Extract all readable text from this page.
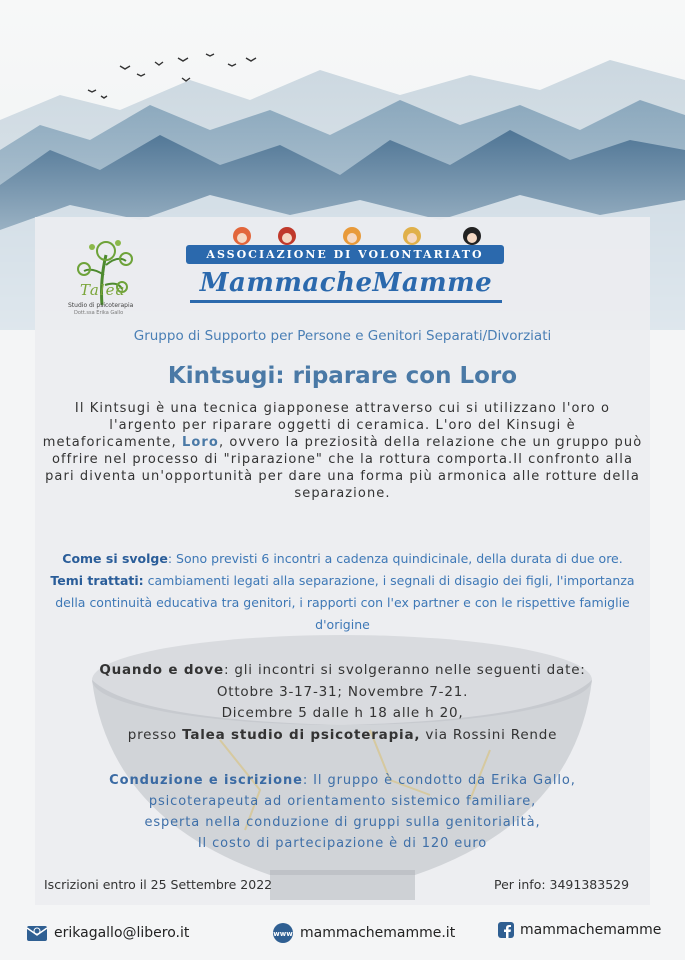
Talea
Studio di psicoterapia
Dott.ssa Erika Gallo
ASSOCIAZIONE DI VOLONTARIATO
MammacheMamme
Gruppo di Supporto per Persone e Genitori Separati/Divorziati
Kintsugi: riparare con Loro
Il Kintsugi è una tecnica giapponese attraverso cui si utilizzano l'oro o l'argento per riparare oggetti di ceramica. L'oro del Kinsugi è metaforicamente, Loro, ovvero la preziosità della relazione che un gruppo può offrire nel processo di "riparazione" che la rottura comporta.Il confronto alla pari diventa un'opportunità per dare una forma più armonica alle rotture della separazione.
Come si svolge: Sono previsti 6 incontri a cadenza quindicinale, della durata di due ore.
Temi trattati: cambiamenti legati alla separazione, i segnali di disagio dei figli, l'importanza della continuità educativa tra genitori, i rapporti con l'ex partner e con le rispettive famiglie d'origine
Quando e dove: gli incontri si svolgeranno nelle seguenti date:
Ottobre 3-17-31; Novembre 7-21.
Dicembre 5 dalle h 18 alle h 20,
presso Talea studio di psicoterapia, via Rossini Rende
Conduzione e iscrizione: Il gruppo è condotto da Erika Gallo,
psicoterapeuta ad orientamento sistemico familiare,
esperta nella conduzione di gruppi sulla genitorialità,
Il costo di partecipazione è di 120 euro
Iscrizioni entro il 25 Settembre 2022	Per info: 3491383529
erikagallo@libero.it	www mammachemamme.it	mammachemamme
